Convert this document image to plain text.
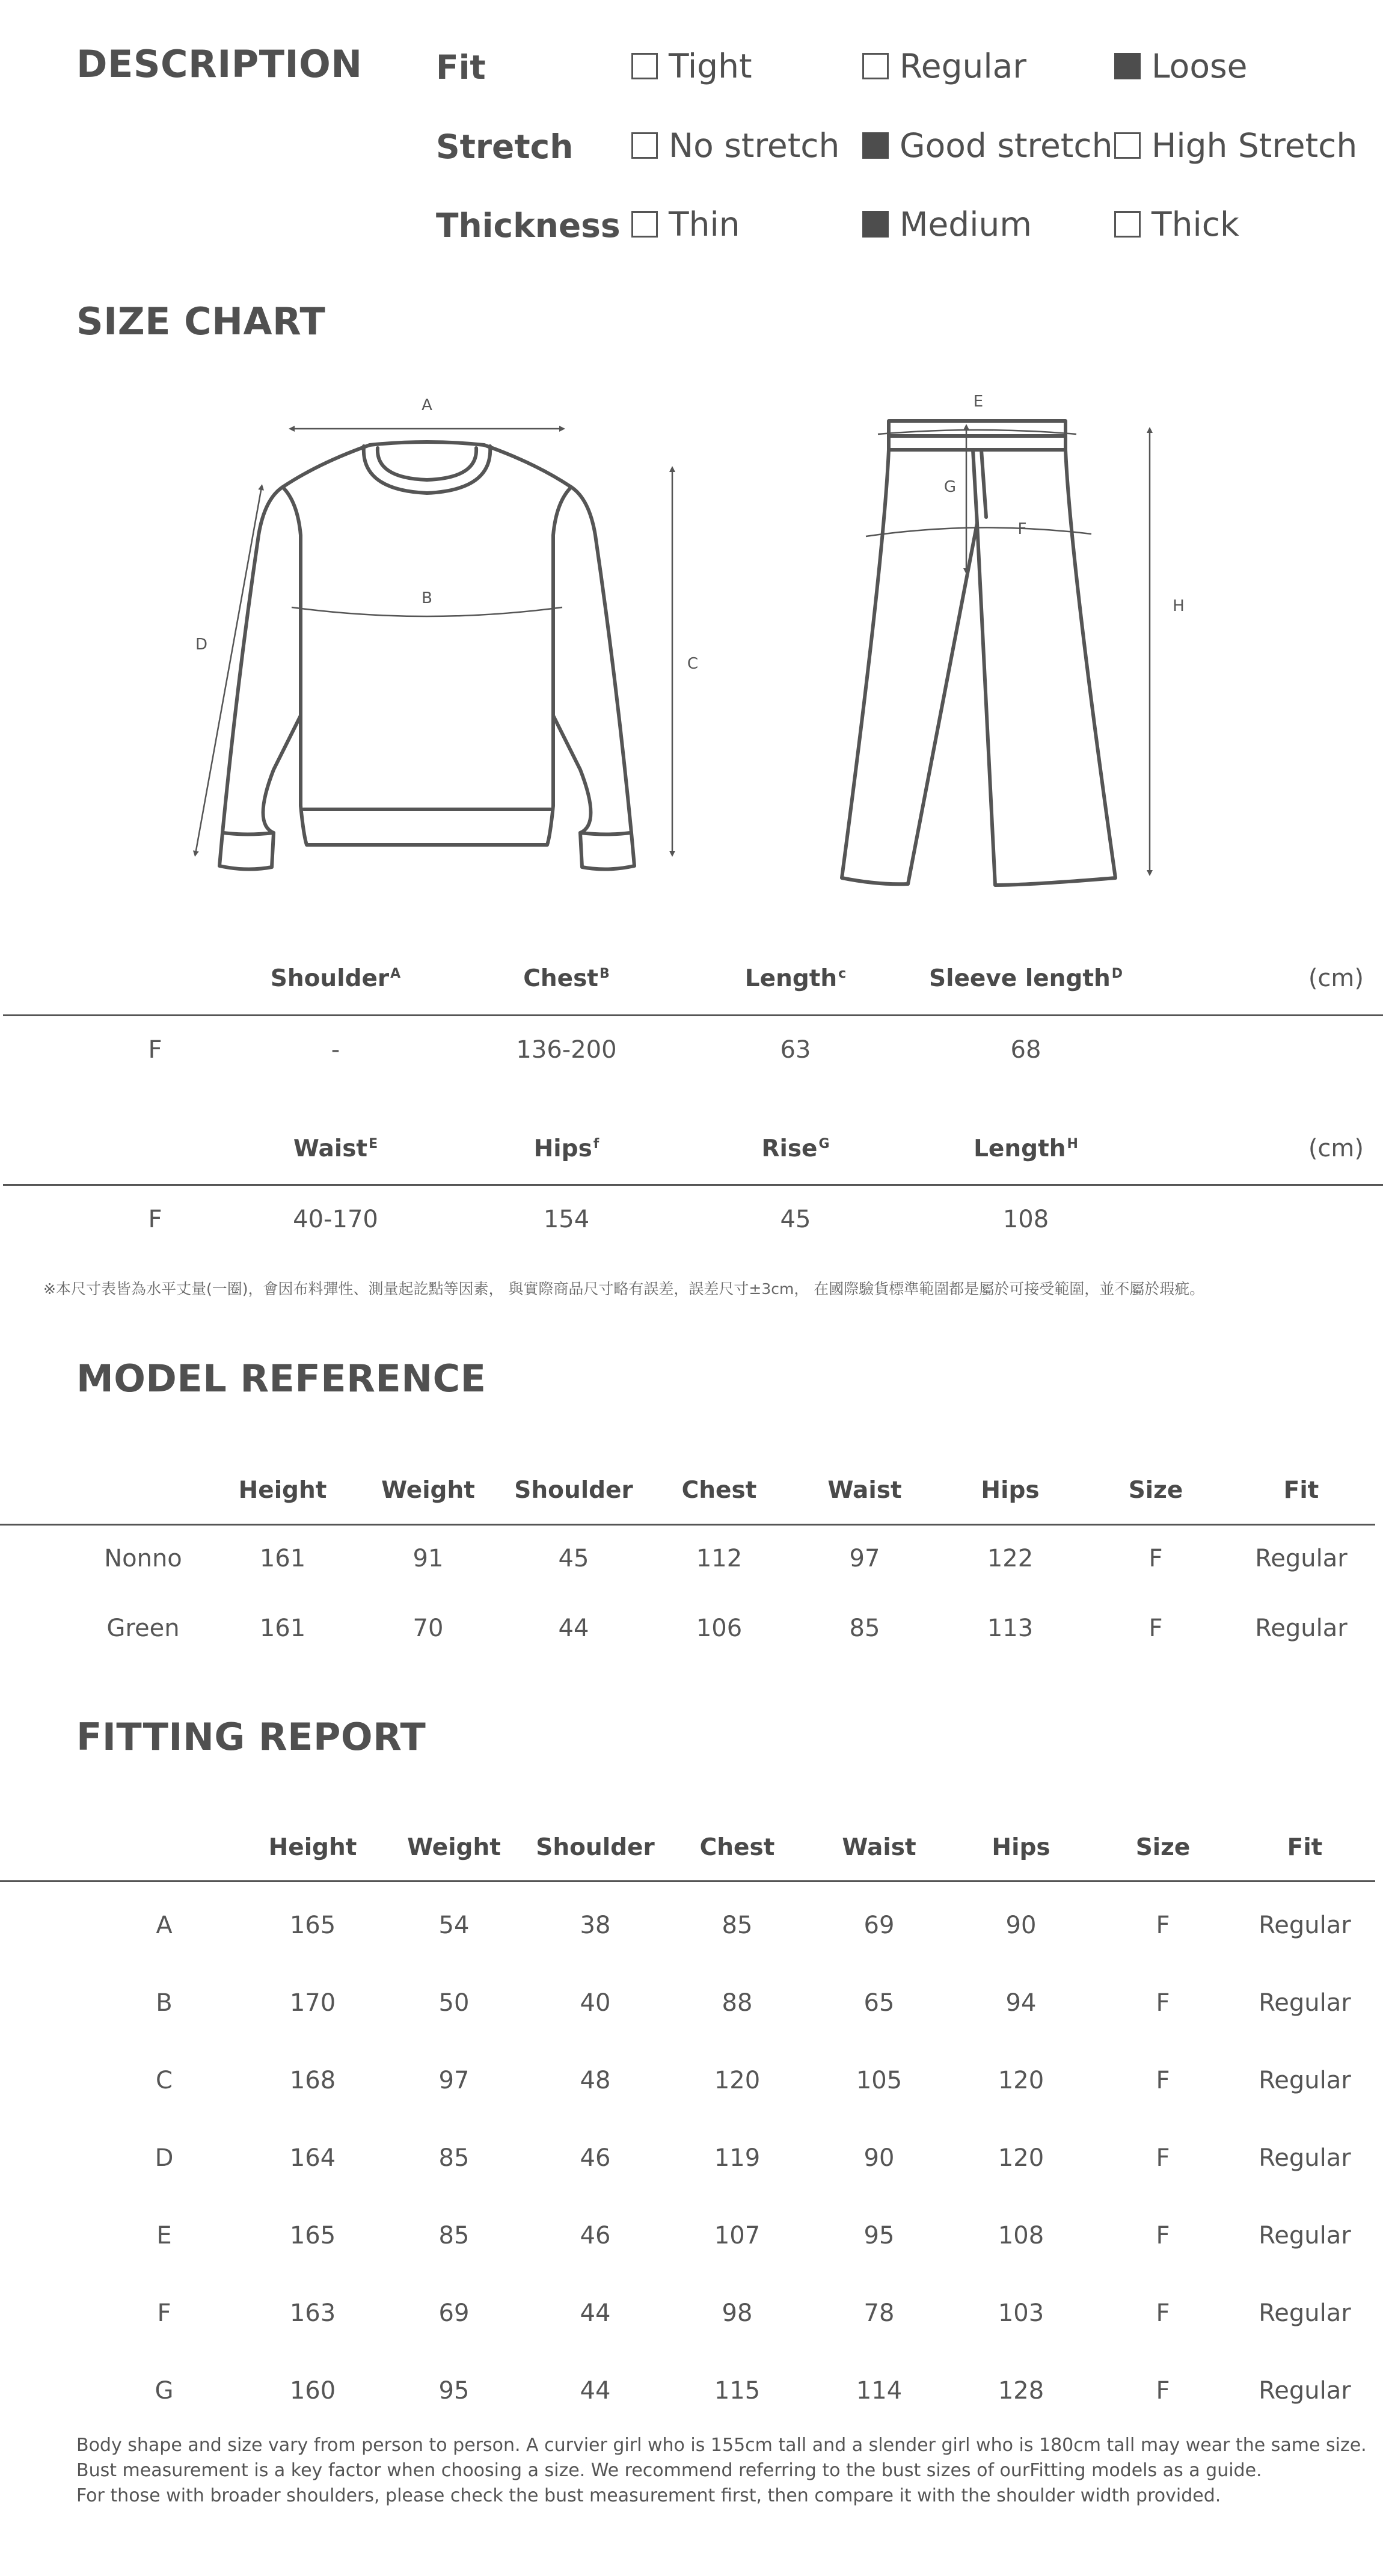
DESCRIPTION Fit	Tight	Regular	Loose
Stretch	No stretch Good stretch High Stretch
Thickness Thin	Medium	Thick
SIZE CHART
A
B
C
D
E
F
G
H
Shoulder$^A$	Chest$^B$	Length$^c$	Sleeve length$^D$	(cm)
F	-	136-200	63	68
Waist$^E$	Hips$^f$	Rise$^G$	Length$^H$	(cm)
F	40-170	154	45	108
※本尺寸表皆為水平丈量(一圈)，會因布料彈性、測量起訖點等因素， 與實際商品尺寸略有誤差，誤差尺寸±3cm， 在國際驗貨標準範圍都是屬於可接受範圍，並不屬於瑕疵。
MODEL REFERENCE
Height Weight Shoulder Chest	Waist	Hips	Size	Fit
Nonno	161	91	45	112	97	122	F	Regular
Green	161	70	44	106	85	113	F	Regular
FITTING REPORT
Height Weight Shoulder Chest	Waist	Hips	Size	Fit
A	165	54	38	85	69	90	F	Regular
B	170	50	40	88	65	94	F	Regular
C	168	97	48	120	105	120	F	Regular
D	164	85	46	119	90	120	F	Regular
E	165	85	46	107	95	108	F	Regular
F	163	69	44	98	78	103	F	Regular
G	160	95	44	115	114	128	F	Regular
Body shape and size vary from person to person. A curvier girl who is 155cm tall and a slender girl who is 180cm tall may wear the same size.
Bust measurement is a key factor when choosing a size. We recommend referring to the bust sizes of ourFitting models as a guide.
For those with broader shoulders, please check the bust measurement first, then compare it with the shoulder width provided.
